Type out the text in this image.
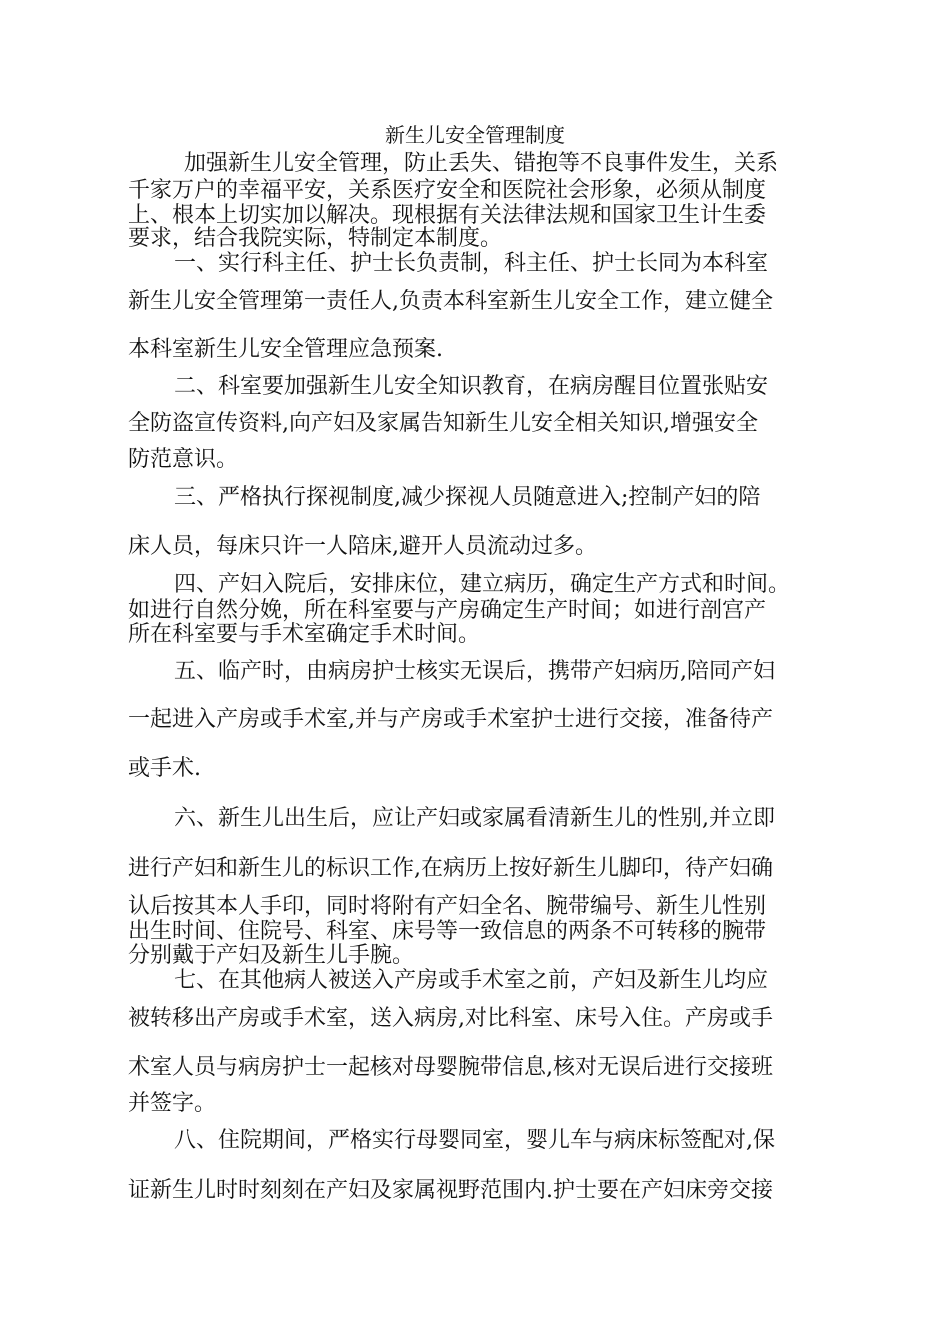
新生儿安全管理制度
加强新生儿安全管理，防止丢失、错抱等不良事件发生，关系
千家万户的幸福平安，关系医疗安全和医院社会形象，必须从制度
上、根本上切实加以解决。现根据有关法律法规和国家卫生计生委
要求，结合我院实际，特制定本制度。
一、实行科主任、护士长负责制，科主任、护士长同为本科室
新生儿安全管理第一责任人,负责本科室新生儿安全工作，建立健全
本科室新生儿安全管理应急预案.
二、科室要加强新生儿安全知识教育，在病房醒目位置张贴安
全防盗宣传资料,向产妇及家属告知新生儿安全相关知识,增强安全
防范意识。
三、严格执行探视制度,减少探视人员随意进入;控制产妇的陪
床人员，每床只许一人陪床,避开人员流动过多。
四、产妇入院后，安排床位，建立病历，确定生产方式和时间。
如进行自然分娩，所在科室要与产房确定生产时间；如进行剖宫产
所在科室要与手术室确定手术时间。
五、临产时，由病房护士核实无误后，携带产妇病历,陪同产妇
一起进入产房或手术室,并与产房或手术室护士进行交接，准备待产
或手术.
六、新生儿出生后，应让产妇或家属看清新生儿的性别,并立即
进行产妇和新生儿的标识工作,在病历上按好新生儿脚印，待产妇确
认后按其本人手印，同时将附有产妇全名、腕带编号、新生儿性别
出生时间、住院号、科室、床号等一致信息的两条不可转移的腕带
分别戴于产妇及新生儿手腕。
七、在其他病人被送入产房或手术室之前，产妇及新生儿均应
被转移出产房或手术室，送入病房,对比科室、床号入住。产房或手
术室人员与病房护士一起核对母婴腕带信息,核对无误后进行交接班
并签字。
八、住院期间，严格实行母婴同室，婴儿车与病床标签配对,保
证新生儿时时刻刻在产妇及家属视野范围内.护士要在产妇床旁交接
